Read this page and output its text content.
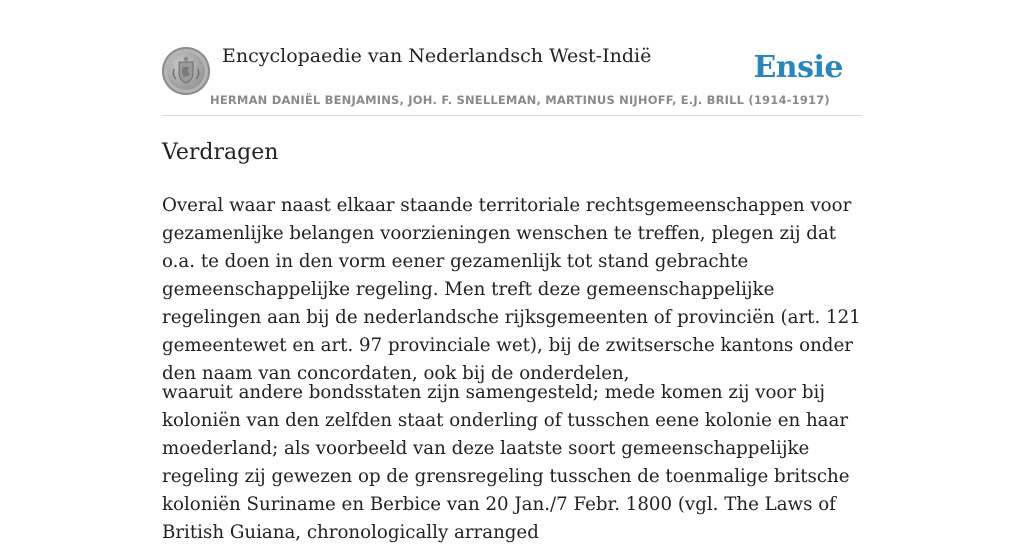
Encyclopaedie van Nederlandsch West-Indië	Ensie
HERMAN DANIËL BENJAMINS, JOH. F. SNELLEMAN, MARTINUS NIJHOFF, E.J. BRILL (1914-1917)
Verdragen

Overal waar naast elkaar staande territoriale rechtsgemeenschappen voor gezamenlijke belangen voorzieningen wenschen te treffen, plegen zij dat o.a. te doen in den vorm eener gezamenlijk tot stand gebrachte gemeenschappelijke regeling. Men treft deze gemeenschappelijke regelingen aan bij de nederlandsche rijksgemeenten of provinciën (art. 121 gemeentewet en art. 97 provinciale wet), bij de zwitsersche kantons onder den naam van concordaten, ook bij de onderdelen,

waaruit andere bondsstaten zijn samengesteld; mede komen zij voor bij koloniën van den zelfden staat onderling of tusschen eene kolonie en haar moederland; als voorbeeld van deze laatste soort gemeenschappelijke regeling zij gewezen op de grensregeling tusschen de toenmalige britsche koloniën Suriname en Berbice van 20 Jan./7 Febr. 1800 (vgl. The Laws of British Guiana, chronologically arranged
